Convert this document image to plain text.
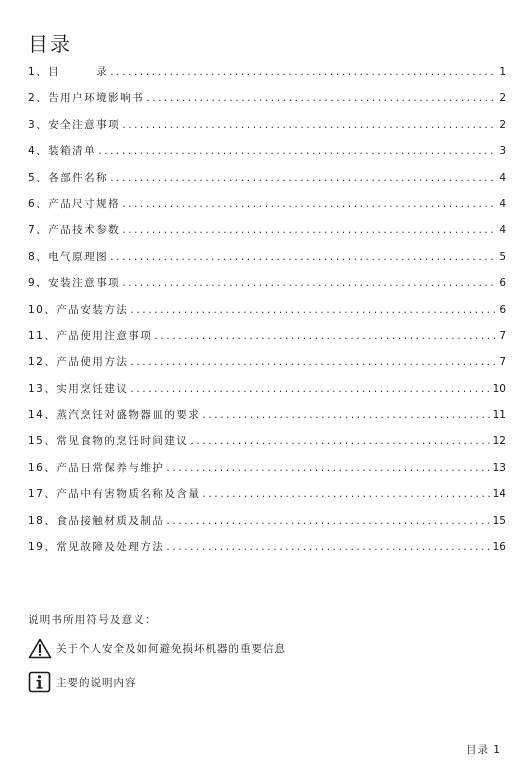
目录
1、 目　　　录 .....	1
2、 告用户环境影响书 .....	2
3、 安全注意事项 .....	2
4、 装箱清单 .....	3
5、 各部件名称 .....	4
6、 产品尺寸规格 .....	4
7、 产品技术参数 .....	4
8、 电气原理图 .....	5
9、 安装注意事项 .....	6
10、 产品安装方法 .....	6
11、 产品使用注意事项 .....	7
12、 产品使用方法 .....	7
13、 实用烹饪建议 .....	10
14、 蒸汽烹饪对盛物器皿的要求 .....	11
15、 常见食物的烹饪时间建议 .....	12
16、 产品日常保养与维护 .....	13
17、 产品中有害物质名称及含量 .....	14
18、 食品接触材质及制品 .....	15
19、 常见故障及处理方法 .....	16
说明书所用符号及意义：
关于个人安全及如何避免损坏机器的重要信息
主要的说明内容
目录 1
